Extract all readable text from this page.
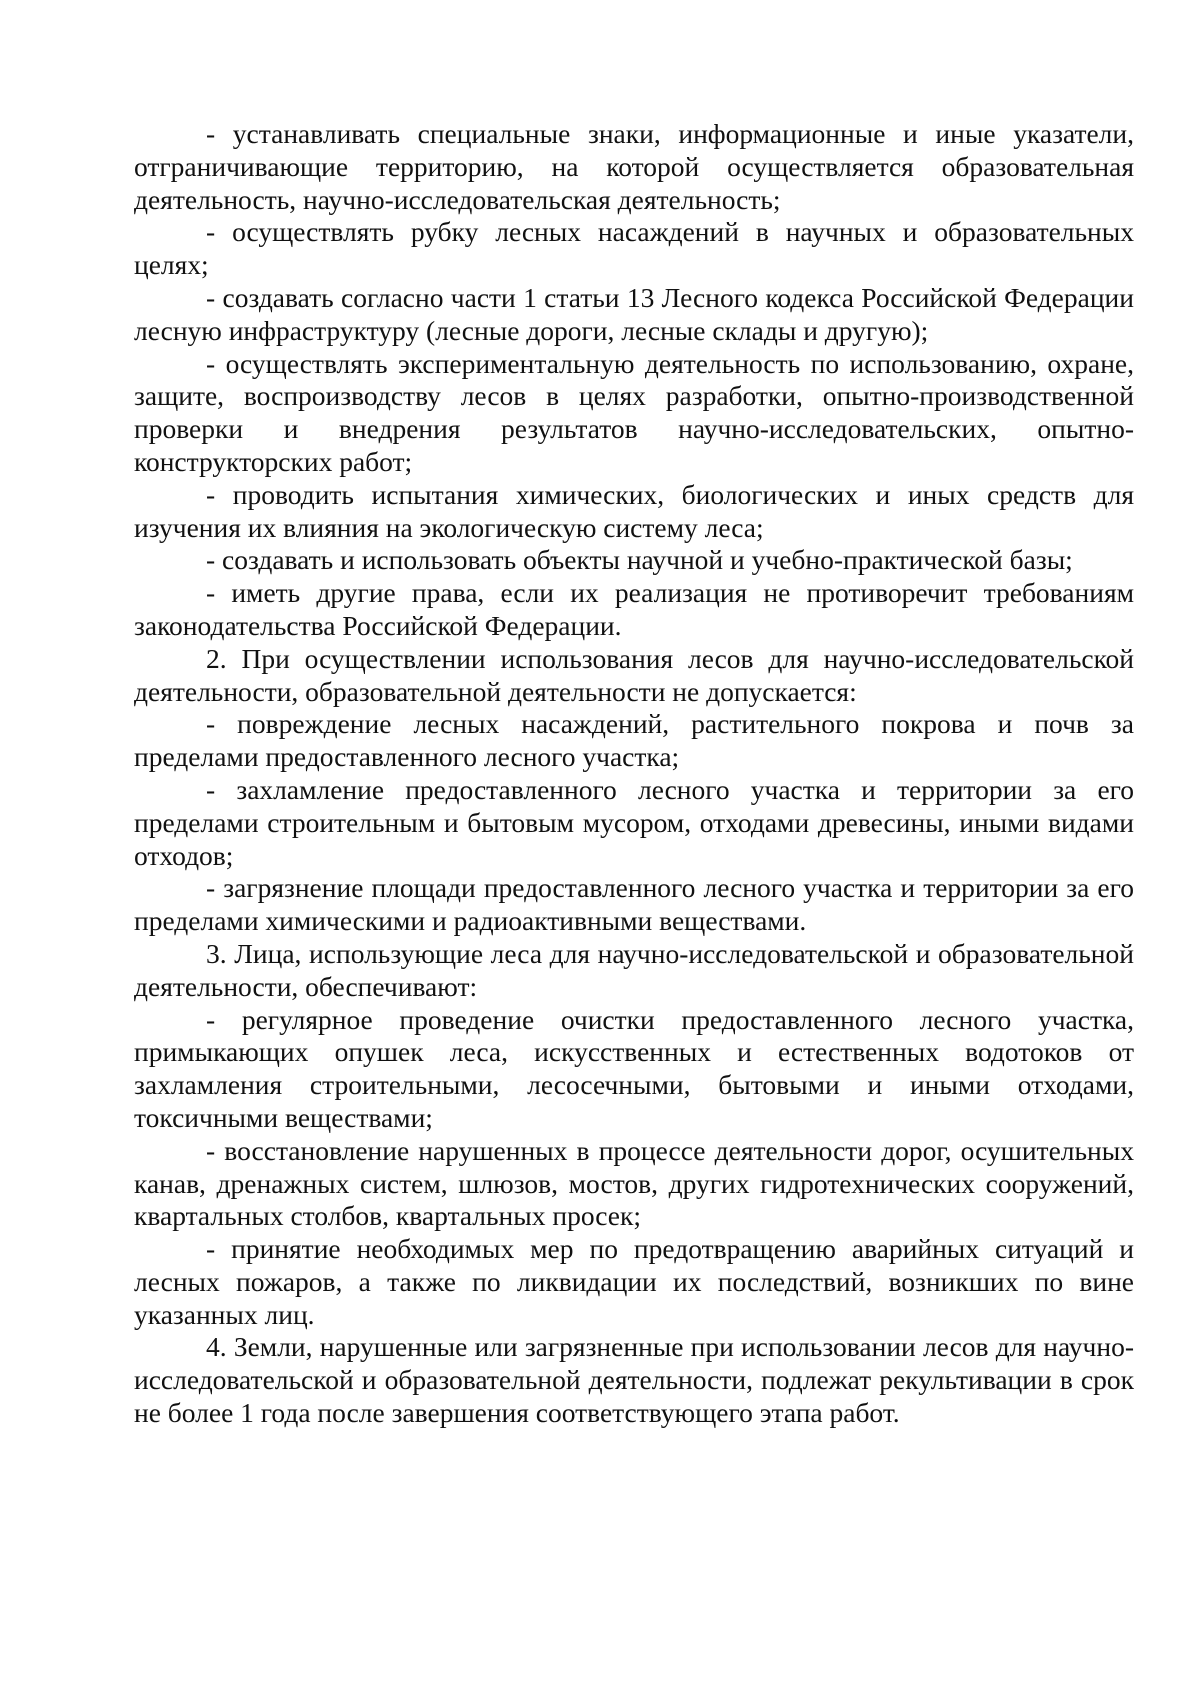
- устанавливать специальные знаки, информационные и иные указатели, отграничивающие территорию, на которой осуществляется образовательная деятельность, научно-исследовательская деятельность;

- осуществлять рубку лесных насаждений в научных и образовательных целях;

- создавать согласно части 1 статьи 13 Лесного кодекса Российской Федерации лесную инфраструктуру (лесные дороги, лесные склады и другую);

- осуществлять экспериментальную деятельность по использованию, охране, защите, воспроизводству лесов в целях разработки, опытно-производственной проверки и внедрения результатов научно-исследовательских, опытно-конструкторских работ;

- проводить испытания химических, биологических и иных средств для изучения их влияния на экологическую систему леса;

- создавать и использовать объекты научной и учебно-практической базы;

- иметь другие права, если их реализация не противоречит требованиям законодательства Российской Федерации.

2. При осуществлении использования лесов для научно-исследовательской деятельности, образовательной деятельности не допускается:

- повреждение лесных насаждений, растительного покрова и почв за пределами предоставленного лесного участка;

- захламление предоставленного лесного участка и территории за его пределами строительным и бытовым мусором, отходами древесины, иными видами отходов;

- загрязнение площади предоставленного лесного участка и территории за его пределами химическими и радиоактивными веществами.

3. Лица, использующие леса для научно-исследовательской и образовательной деятельности, обеспечивают:

- регулярное проведение очистки предоставленного лесного участка, примыкающих опушек леса, искусственных и естественных водотоков от захламления строительными, лесосечными, бытовыми и иными отходами, токсичными веществами;

- восстановление нарушенных в процессе деятельности дорог, осушительных канав, дренажных систем, шлюзов, мостов, других гидротехнических сооружений, квартальных столбов, квартальных просек;

- принятие необходимых мер по предотвращению аварийных ситуаций и лесных пожаров, а также по ликвидации их последствий, возникших по вине указанных лиц.

4. Земли, нарушенные или загрязненные при использовании лесов для научно-исследовательской и образовательной деятельности, подлежат рекультивации в срок не более 1 года после завершения соответствующего этапа работ.
